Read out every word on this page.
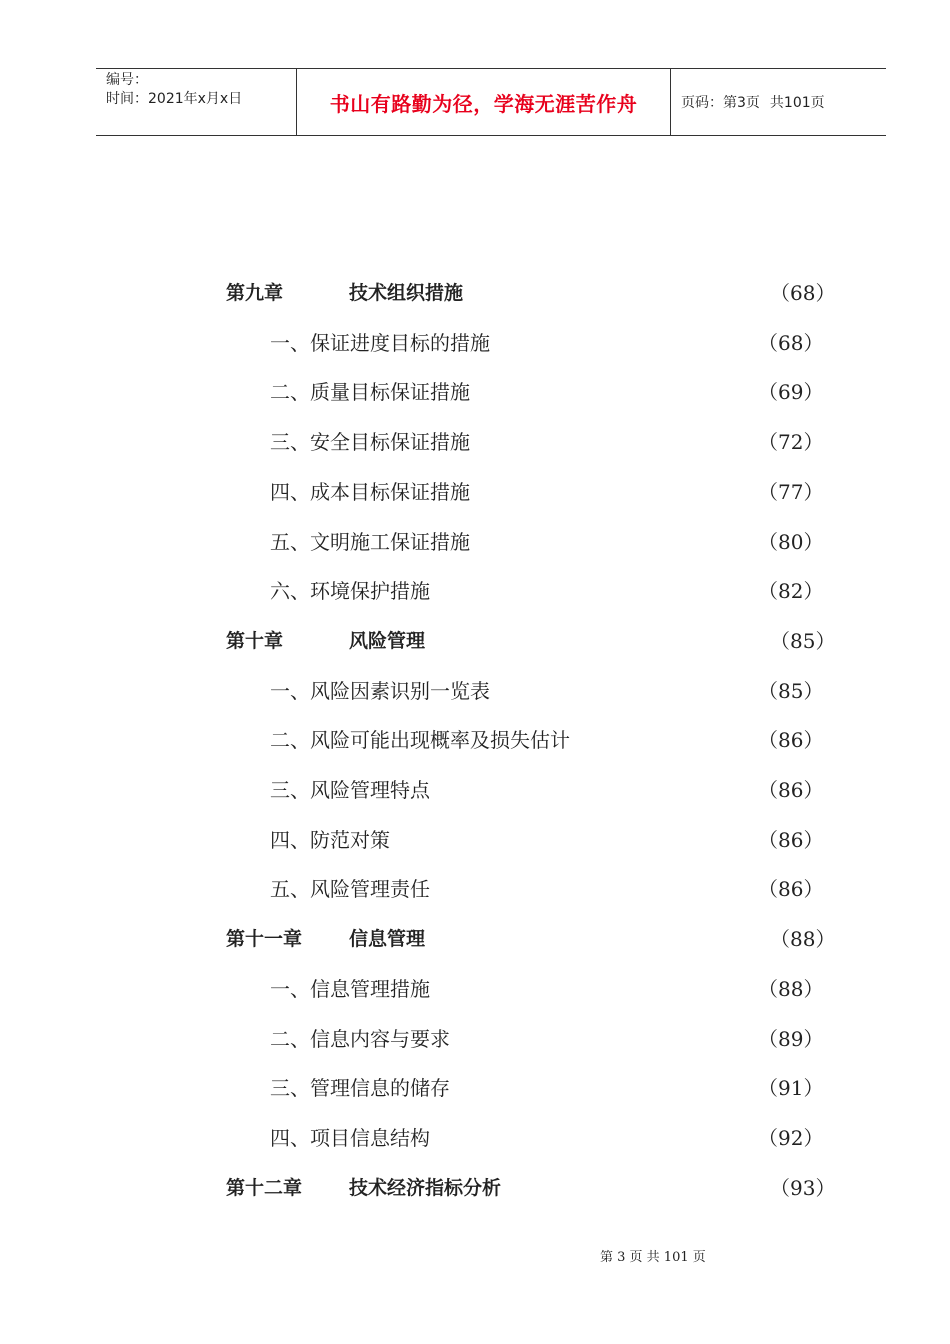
编号：
时间：2021年x月x日	书山有路勤为径，学海无涯苦作舟	页码：第3页 共101页
第九章	技术组织措施	（68）
一、保证进度目标的措施	（68）
二、质量目标保证措施	（69）
三、安全目标保证措施	（72）
四、成本目标保证措施	（77）
五、文明施工保证措施	（80）
六、环境保护措施	（82）
第十章	风险管理	（85）
一、风险因素识别一览表	（85）
二、风险可能出现概率及损失估计	（86）
三、风险管理特点	（86）
四、防范对策	（86）
五、风险管理责任	（86）
第十一章 信息管理	（88）
一、信息管理措施	（88）
二、信息内容与要求	（89）
三、管理信息的储存	（91）
四、项目信息结构	（92）
第十二章 技术经济指标分析	（93）
第 3 页 共 101 页
